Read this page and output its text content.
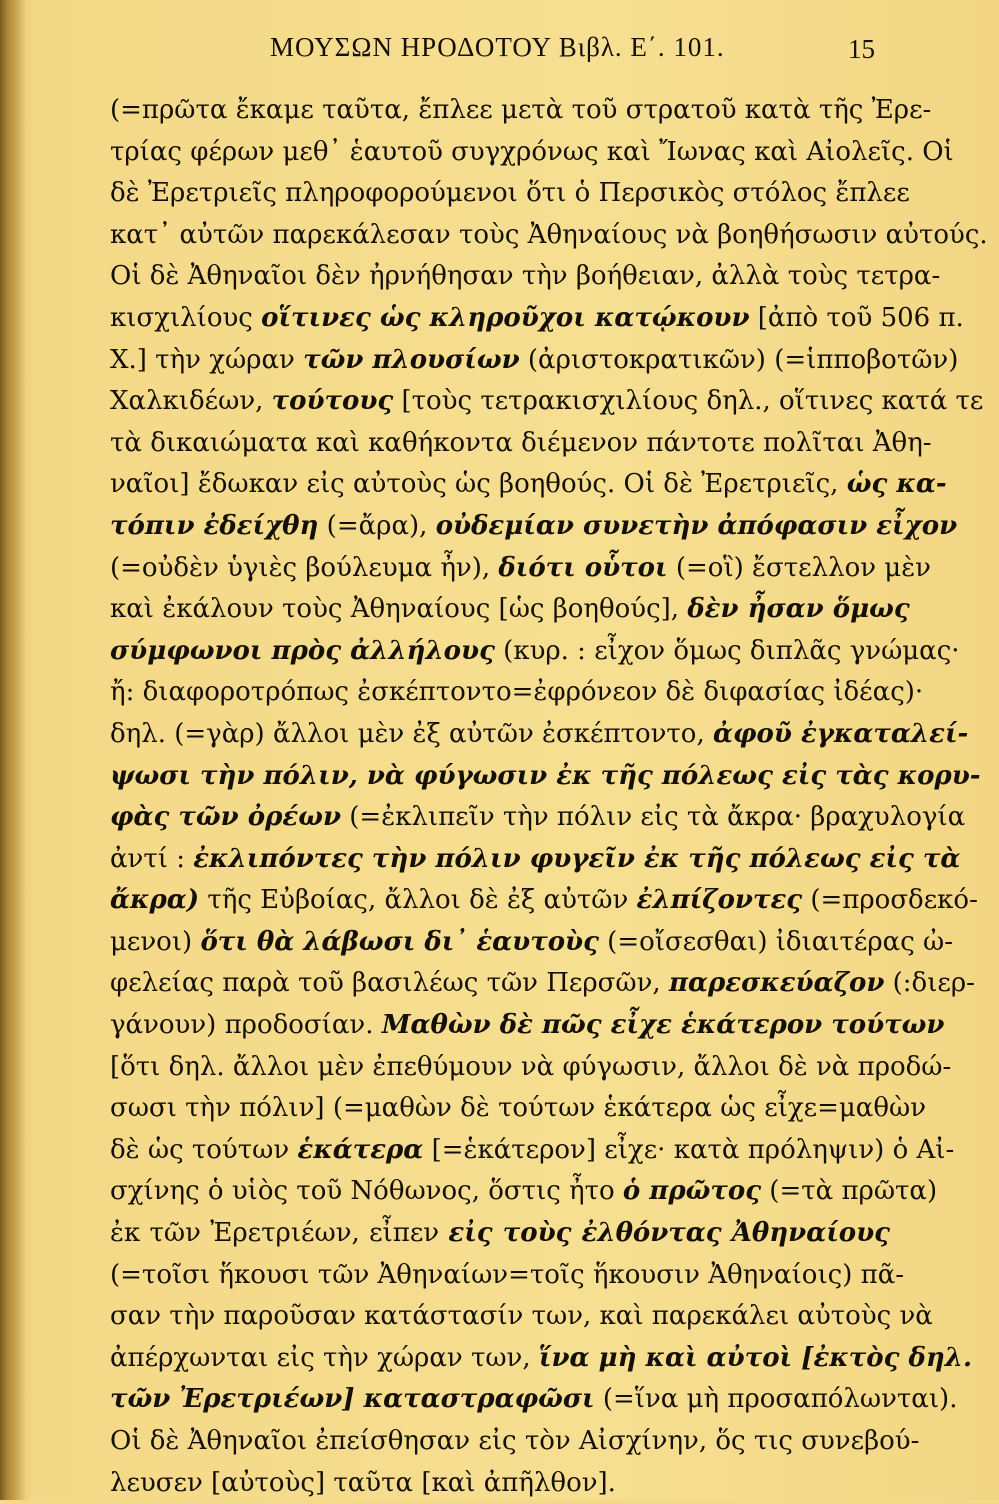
ΜΟΥΣΩΝ ΗΡΟΔΟΤΟΥ Βιβλ. Ε΄. 101.	15
(=πρῶτα ἔκαμε ταῦτα, ἔπλεε μετὰ τοῦ στρατοῦ κατὰ τῆς Ἐρε-
τρίας φέρων μεθ᾽ ἑαυτοῦ συγχρόνως καὶ Ἴωνας καὶ Αἰολεῖς. Οἱ
δὲ Ἐρετριεῖς πληροφορούμενοι ὅτι ὁ Περσικὸς στόλος ἔπλεε
κατ᾽ αὐτῶν παρεκάλεσαν τοὺς Ἀθηναίους νὰ βοηθήσωσιν αὐτούς.
Οἱ δὲ Ἀθηναῖοι δὲν ἠρνήθησαν τὴν βοήθειαν, ἀλλὰ τοὺς τετρα-
κισχιλίους οἵτινες ὡς κληροῦχοι κατῴκουν [ἀπὸ τοῦ 506 π.
Χ.] τὴν χώραν τῶν πλουσίων (ἀριστοκρατικῶν) (=ἱπποβοτῶν)
Χαλκιδέων, τούτους [τοὺς τετρακισχιλίους δηλ., οἵτινες κατά τε
τὰ δικαιώματα καὶ καθήκοντα διέμενον πάντοτε πολῖται Ἀθη-
ναῖοι] ἔδωκαν εἰς αὐτοὺς ὡς βοηθούς. Οἱ δὲ Ἐρετριεῖς, ὡς κα-
τόπιν ἐδείχθη (=ἄρα), οὐδεμίαν συνετὴν ἀπόφασιν εἶχον
(=οὐδὲν ὑγιὲς βούλευμα ἦν), διότι οὗτοι (=οἳ) ἔστελλον μὲν
καὶ ἐκάλουν τοὺς Ἀθηναίους [ὡς βοηθούς], δὲν ἦσαν ὅμως
σύμφωνοι πρὸς ἀλλήλους (κυρ. : εἶχον ὅμως διπλᾶς γνώμας·
ἤ: διαφοροτρόπως ἐσκέπτοντο=ἐφρόνεον δὲ διφασίας ἰδέας)·
δηλ. (=γὰρ) ἄλλοι μὲν ἐξ αὐτῶν ἐσκέπτοντο, ἀφοῦ ἐγκαταλεί-
ψωσι τὴν πόλιν, νὰ φύγωσιν ἐκ τῆς πόλεως εἰς τὰς κορυ-
φὰς τῶν ὀρέων (=ἐκλιπεῖν τὴν πόλιν εἰς τὰ ἄκρα· βραχυλογία
ἀντί : ἐκλιπόντες τὴν πόλιν φυγεῖν ἐκ τῆς πόλεως εἰς τὰ
ἄκρα) τῆς Εὐβοίας, ἄλλοι δὲ ἐξ αὐτῶν ἐλπίζοντες (=προσδεκό-
μενοι) ὅτι θὰ λάβωσι δι᾽ ἑαυτοὺς (=οἴσεσθαι) ἰδιαιτέρας ὠ-
φελείας παρὰ τοῦ βασιλέως τῶν Περσῶν, παρεσκεύαζον (:διερ-
γάνουν) προδοσίαν. Μαθὼν δὲ πῶς εἶχε ἑκάτερον τούτων
[ὅτι δηλ. ἄλλοι μὲν ἐπεθύμουν νὰ φύγωσιν, ἄλλοι δὲ νὰ προδώ-
σωσι τὴν πόλιν] (=μαθὼν δὲ τούτων ἑκάτερα ὡς εἶχε=μαθὼν
δὲ ὡς τούτων ἑκάτερα [=ἑκάτερον] εἶχε· κατὰ πρόληψιν) ὁ Αἰ-
σχίνης ὁ υἱὸς τοῦ Νόθωνος, ὅστις ἦτο ὁ πρῶτος (=τὰ πρῶτα)
ἐκ τῶν Ἐρετριέων, εἶπεν εἰς τοὺς ἐλθόντας Ἀθηναίους
(=τοῖσι ἥκουσι τῶν Ἀθηναίων=τοῖς ἥκουσιν Ἀθηναίοις) πᾶ-
σαν τὴν παροῦσαν κατάστασίν των, καὶ παρεκάλει αὐτοὺς νὰ
ἀπέρχωνται εἰς τὴν χώραν των, ἵνα μὴ καὶ αὐτοὶ [ἐκτὸς δηλ.
τῶν Ἐρετριέων] καταστραφῶσι (=ἵνα μὴ προσαπόλωνται).
Οἱ δὲ Ἀθηναῖοι ἐπείσθησαν εἰς τὸν Αἰσχίνην, ὅς τις συνεβού-
λευσεν [αὐτοὺς] ταῦτα [καὶ ἀπῆλθον].
